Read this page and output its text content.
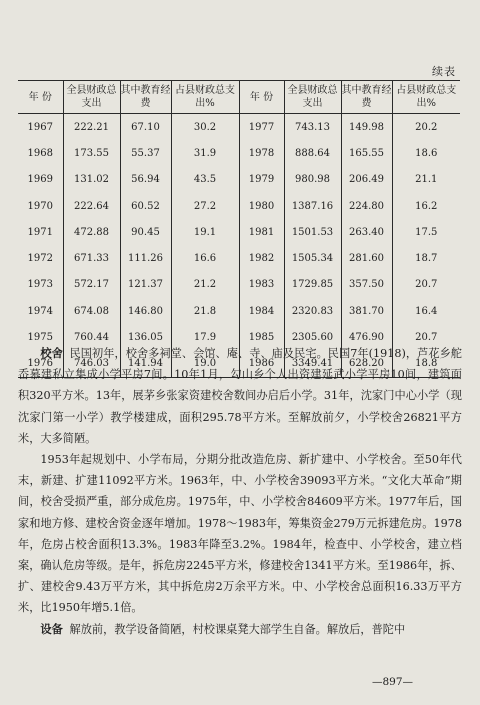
续表
年 份	全县财政总支出	其中教育经费	占县财政总支出%	年 份	全县财政总支出	其中教育经费	占县财政总支出%
1967	222.21	67.10	30.2	1977	743.13	149.98	20.2
1968	173.55	55.37	31.9	1978	888.64	165.55	18.6
1969	131.02	56.94	43.5	1979	980.98	206.49	21.1
1970	222.64	60.52	27.2	1980	1387.16	224.80	16.2
1971	472.88	90.45	19.1	1981	1501.53	263.40	17.5
1972	671.33	111.26	16.6	1982	1505.34	281.60	18.7
1973	572.17	121.37	21.2	1983	1729.85	357.50	20.7
1974	674.08	146.80	21.8	1984	2320.83	381.70	16.4
1975	760.44	136.05	17.9	1985	2305.60	476.90	20.7
1976	746.03	141.94	19.0	1986	3349.41	628.20	18.8

校舍 民国初年，校舍多祠堂、会馆、庵、寺、庙及民宅。民国7年(1918)，芦花乡舵岙慕建私立集成小学平房7间。10年1月，勾山乡个人出资建延武小学平房10间，建筑面积320平方米。13年，展茅乡张家资建校舍数间办启后小学。31年，沈家门中心小学（现沈家门第一小学）教学楼建成，面积295.78平方米。至解放前夕，小学校舍26821平方米，大多简陋。

1953年起规划中、小学布局，分期分批改造危房、新扩建中、小学校舍。至50年代末，新建、扩建11092平方米。1963年，中、小学校舍39093平方米。“文化大革命”期间，校舍受损严重，部分成危房。1975年，中、小学校舍84609平方米。1977年后，国家和地方修、建校舍资金逐年增加。1978～1983年，筹集资金279万元拆建危房。1978年，危房占校舍面积13.3%。1983年降至3.2%。1984年，检查中、小学校舍，建立档案，确认危房等级。是年，拆危房2245平方米，修建校舍1341平方米。至1986年，拆、扩、建校舍9.43万平方米，其中拆危房2万余平方米。中、小学校舍总面积16.33万平方米，比1950年增5.1倍。

设备 解放前，教学设备简陋，村校课桌凳大部学生自备。解放后，普陀中

—897—
